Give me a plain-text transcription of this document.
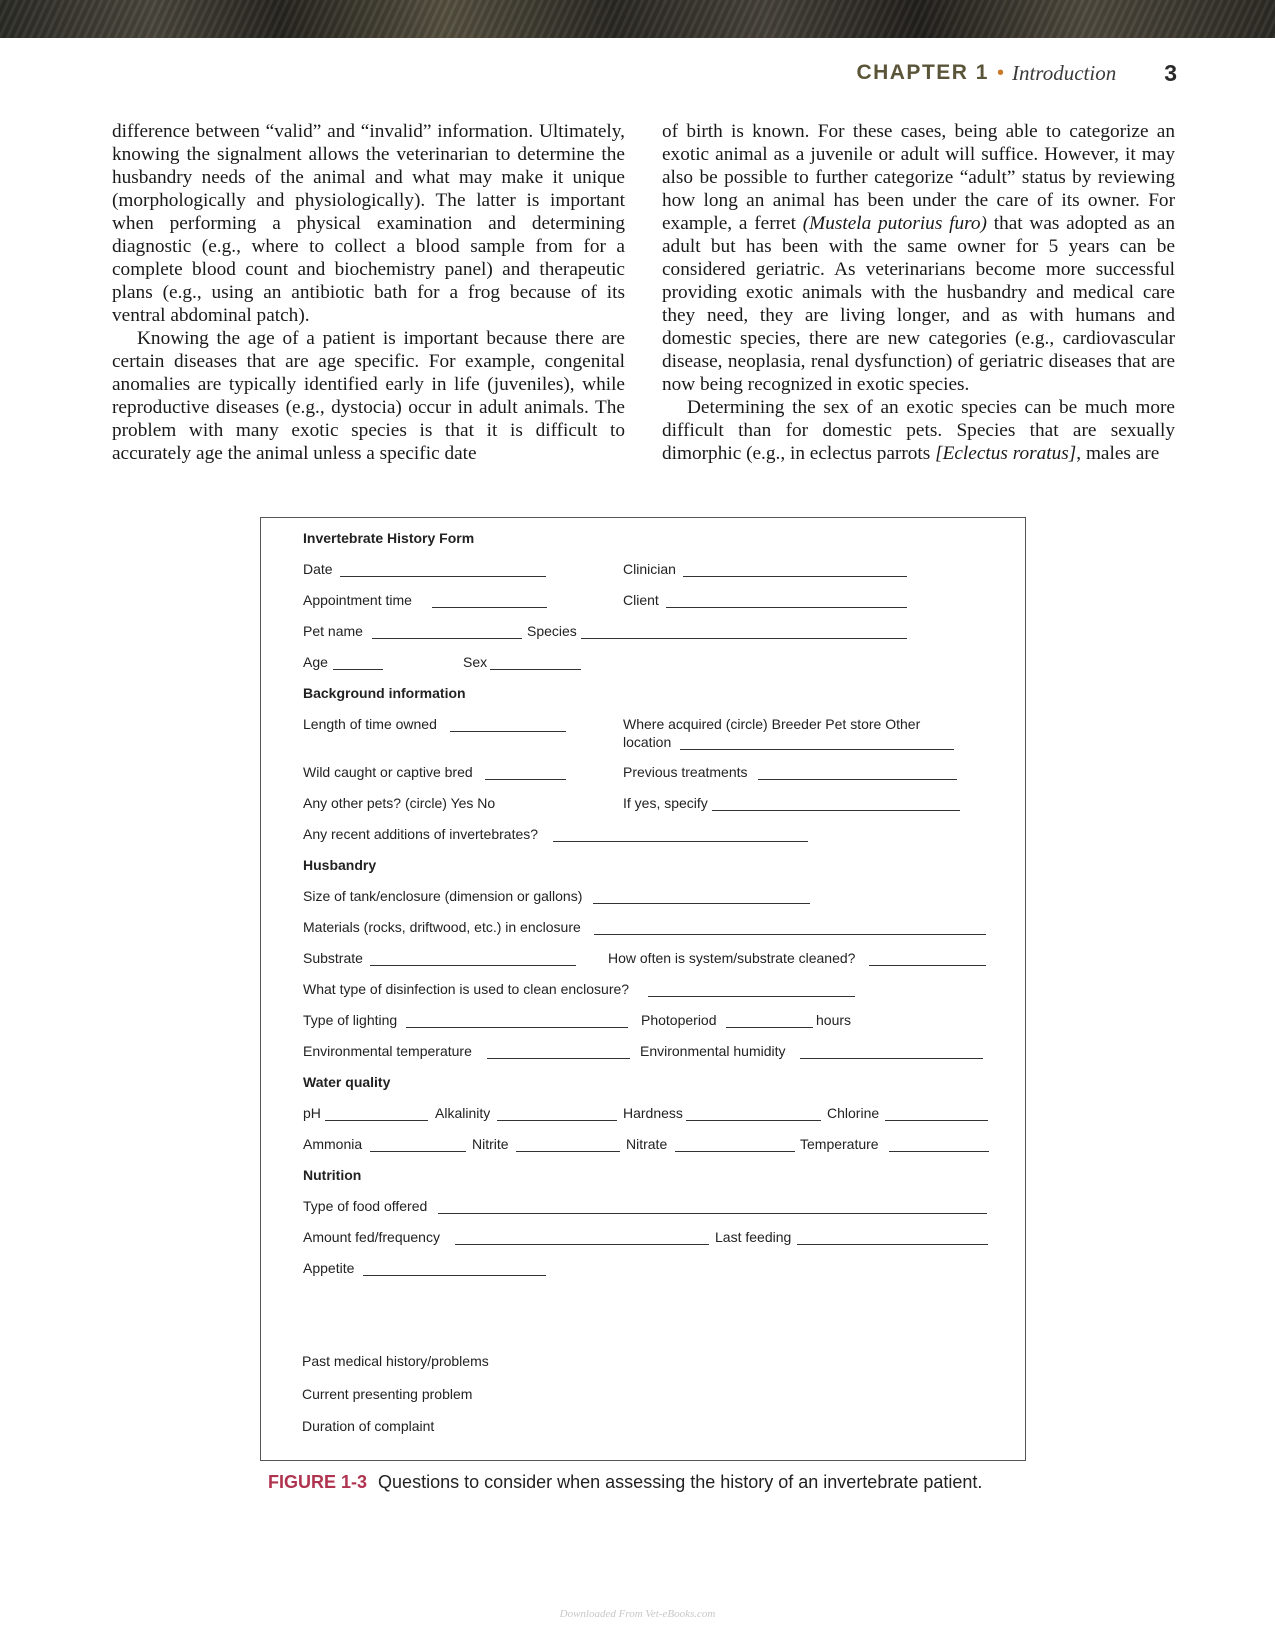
CHAPTER 1 • Introduction 3

difference between “valid” and “invalid” information. Ultimately, knowing the signalment allows the veterinarian to determine the husbandry needs of the animal and what may make it unique (morphologically and physiologically). The latter is important when performing a physical examination and determining diagnostic (e.g., where to collect a blood sample from for a complete blood count and biochemistry panel) and therapeutic plans (e.g., using an antibiotic bath for a frog because of its ventral abdominal patch).

Knowing the age of a patient is important because there are certain diseases that are age specific. For example, congenital anomalies are typically identified early in life (juveniles), while reproductive diseases (e.g., dystocia) occur in adult animals. The problem with many exotic species is that it is difficult to accurately age the animal unless a specific date

of birth is known. For these cases, being able to categorize an exotic animal as a juvenile or adult will suffice. However, it may also be possible to further categorize “adult” status by reviewing how long an animal has been under the care of its owner. For example, a ferret (Mustela putorius furo) that was adopted as an adult but has been with the same owner for 5 years can be considered geriatric. As veterinarians become more successful providing exotic animals with the husbandry and medical care they need, they are living longer, and as with humans and domestic species, there are new categories (e.g., cardiovascular disease, neoplasia, renal dysfunction) of geriatric diseases that are now being recognized in exotic species.

Determining the sex of an exotic species can be much more difficult than for domestic pets. Species that are sexually dimorphic (e.g., in eclectus parrots [Eclectus roratus], males are

Invertebrate History Form
Date	Clinician
Appointment time	Client
Pet name	Species
Age	Sex
Background information
Length of time owned	Where acquired (circle) Breeder Pet store Other
location
Wild caught or captive bred	Previous treatments
Any other pets? (circle) Yes No	If yes, specify
Any recent additions of invertebrates?
Husbandry
Size of tank/enclosure (dimension or gallons)
Materials (rocks, driftwood, etc.) in enclosure
Substrate	How often is system/substrate cleaned?
What type of disinfection is used to clean enclosure?
Type of lighting	Photoperiod	hours
Environmental temperature	Environmental humidity
Water quality
pH	Alkalinity	Hardness	Chlorine
Ammonia	Nitrite	Nitrate	Temperature
Nutrition
Type of food offered
Amount fed/frequency	Last feeding
Appetite
Past medical history/problems
Current presenting problem
Duration of complaint
FIGURE 1-3 Questions to consider when assessing the history of an invertebrate patient.
Downloaded From Vet-eBooks.com
